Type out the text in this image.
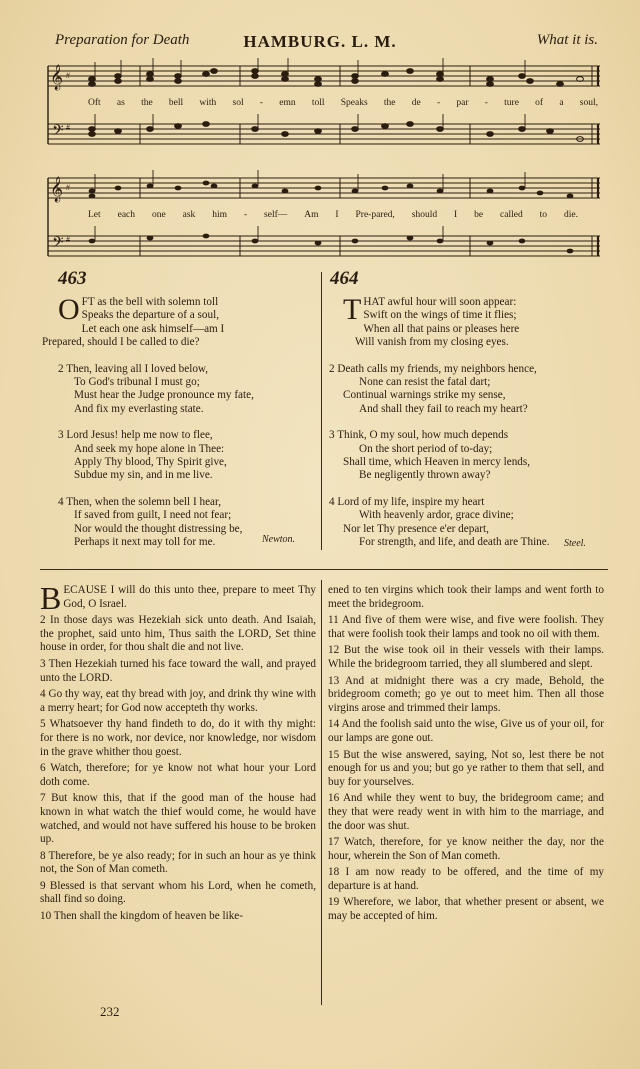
Preparation for Death	HAMBURG. L. M.	What it is.
𝄞
𝄢
#
#
Oft as the bell with sol - emn toll Speaks the de - par - ture of a soul,
𝄞
𝄢
#
#
Let each one ask him - self— Am I Pre-pared, should I be called to die.
463
O FT as the bell with solemn toll
Speaks the departure of a soul,
Let each one ask himself—am I
Prepared, should I be called to die?
2 Then, leaving all I loved below,
To God's tribunal I must go;
Must hear the Judge pronounce my fate,
And fix my everlasting state.
3 Lord Jesus! help me now to flee,
And seek my hope alone in Thee:
Apply Thy blood, Thy Spirit give,
Subdue my sin, and in me live.
4 Then, when the solemn bell I hear,
If saved from guilt, I need not fear;
Nor would the thought distressing be,
Perhaps it next may toll for me.	Newton.
464
T HAT awful hour will soon appear:
Swift on the wings of time it flies;
When all that pains or pleases here
Will vanish from my closing eyes.
2 Death calls my friends, my neighbors hence,
None can resist the fatal dart;
Continual warnings strike my sense,
And shall they fail to reach my heart?
3 Think, O my soul, how much depends
On the short period of to-day;
Shall time, which Heaven in mercy lends,
Be negligently thrown away?
4 Lord of my life, inspire my heart
With heavenly ardor, grace divine;
Nor let Thy presence e'er depart,
For strength, and life, and death are Thine.	Steel.

BECAUSE I will do this unto thee, prepare to meet Thy God, O Israel.

2 In those days was Hezekiah sick unto death. And Isaiah, the prophet, said unto him, Thus saith the LORD, Set thine house in order, for thou shalt die and not live.

3 Then Hezekiah turned his face toward the wall, and prayed unto the LORD.

4 Go thy way, eat thy bread with joy, and drink thy wine with a merry heart; for God now accepteth thy works.

5 Whatsoever thy hand findeth to do, do it with thy might: for there is no work, nor device, nor knowledge, nor wisdom in the grave whither thou goest.

6 Watch, therefore; for ye know not what hour your Lord doth come.

7 But know this, that if the good man of the house had known in what watch the thief would come, he would have watched, and would not have suffered his house to be broken up.

8 Therefore, be ye also ready; for in such an hour as ye think not, the Son of Man cometh.

9 Blessed is that servant whom his Lord, when he cometh, shall find so doing.

10 Then shall the kingdom of heaven be like-

ened to ten virgins which took their lamps and went forth to meet the bridegroom.

11 And five of them were wise, and five were foolish. They that were foolish took their lamps and took no oil with them.

12 But the wise took oil in their vessels with their lamps. While the bridegroom tarried, they all slumbered and slept.

13 And at midnight there was a cry made, Behold, the bridegroom cometh; go ye out to meet him. Then all those virgins arose and trimmed their lamps.

14 And the foolish said unto the wise, Give us of your oil, for our lamps are gone out.

15 But the wise answered, saying, Not so, lest there be not enough for us and you; but go ye rather to them that sell, and buy for yourselves.

16 And while they went to buy, the bridegroom came; and they that were ready went in with him to the marriage, and the door was shut.

17 Watch, therefore, for ye know neither the day, nor the hour, wherein the Son of Man cometh.

18 I am now ready to be offered, and the time of my departure is at hand.

19 Wherefore, we labor, that whether present or absent, we may be accepted of him.

232
